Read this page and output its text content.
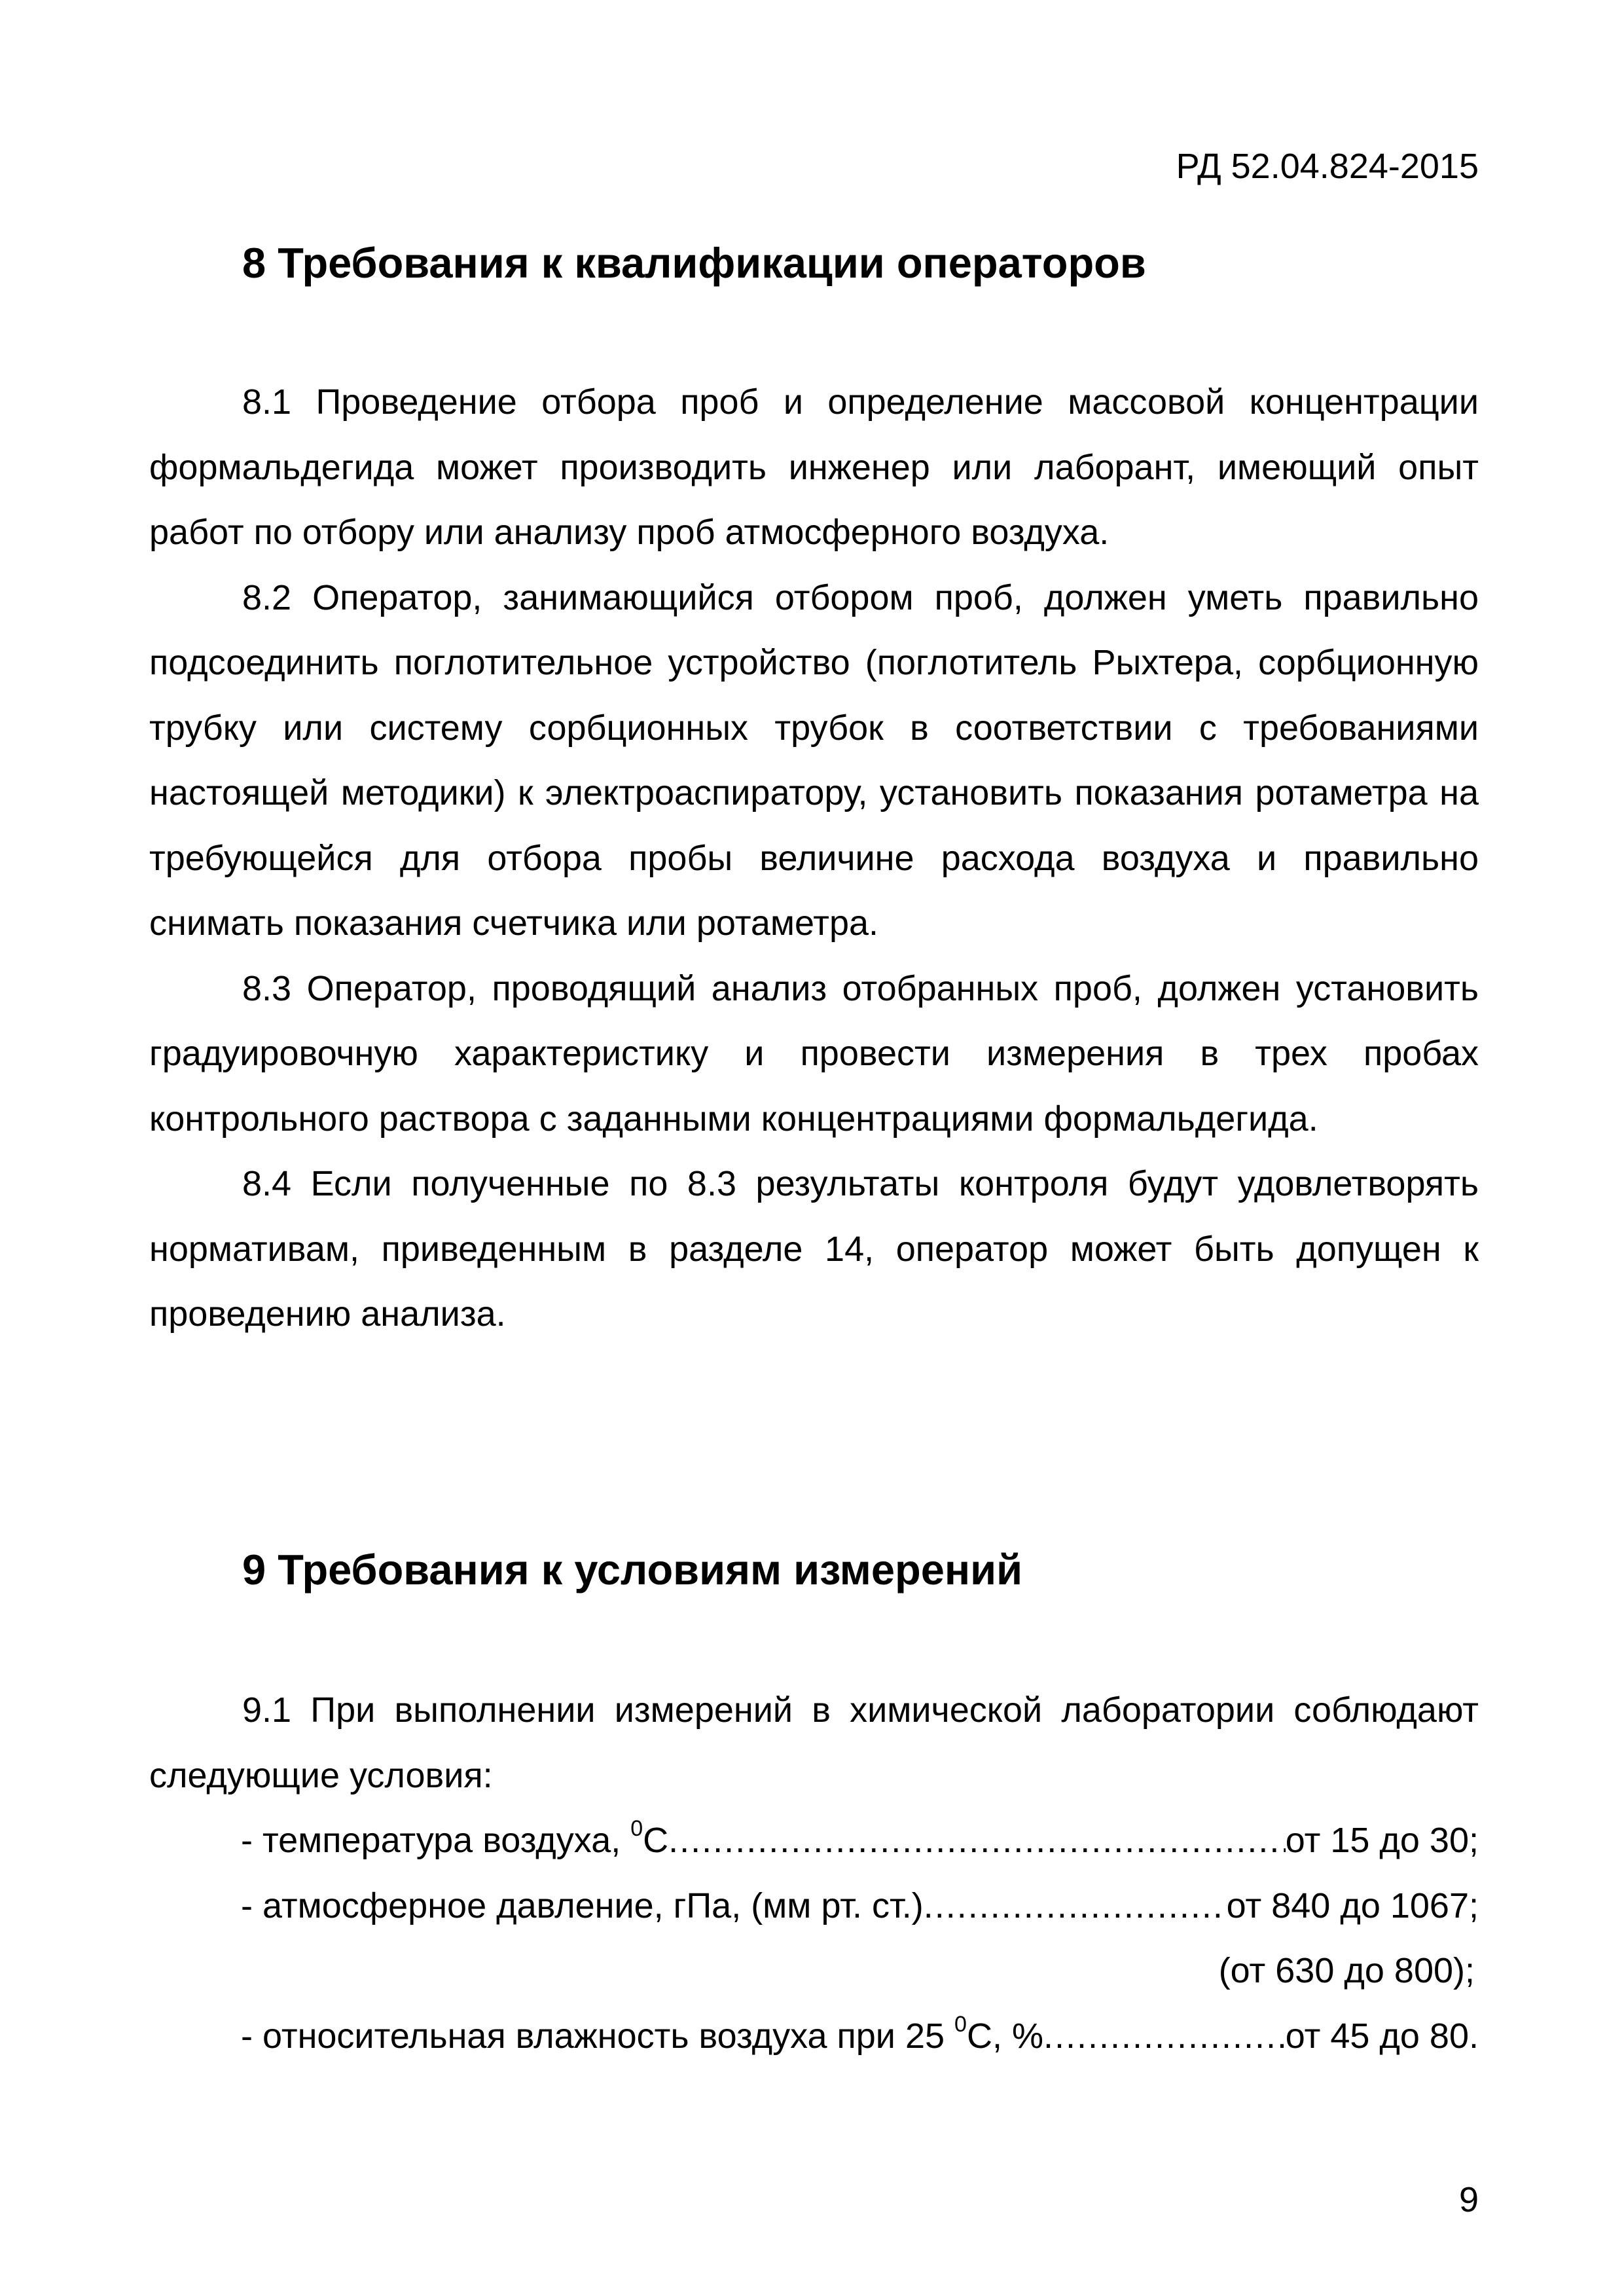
РД 52.04.824-2015
8 Требования к квалификации операторов

8.1 Проведение отбора проб и определение массовой концентрации формальдегида может производить инженер или лаборант, имеющий опыт работ по отбору или анализу проб атмосферного воздуха.

8.2 Оператор, занимающийся отбором проб, должен уметь правильно подсоединить поглотительное устройство (поглотитель Рыхтера, сорбционную трубку или систему сорбционных трубок в соответствии с требованиями настоящей методики) к электроаспиратору, установить показания ротаметра на требующейся для отбора пробы величине расхода воздуха и правильно снимать показания счетчика или ротаметра.

8.3 Оператор, проводящий анализ отобранных проб, должен установить градуировочную характеристику и провести измерения в трех пробах контрольного раствора с заданными концентрациями формальдегида.

8.4 Если полученные по 8.3 результаты контроля будут удовлетворять нормативам, приведенным в разделе 14, оператор может быть допущен к проведению анализа.

9 Требования к условиям измерений

9.1 При выполнении измерений в химической лаборатории соблюдают следующие условия:

- температура воздуха, $^0$С .....	от 15 до 30;
- атмосферное давление, гПа, (мм рт. ст.) .....	от 840 до 1067;
(от 630 до 800);
- относительная влажность воздуха при 25 $^0$С, % .....	от 45 до 80.
9
